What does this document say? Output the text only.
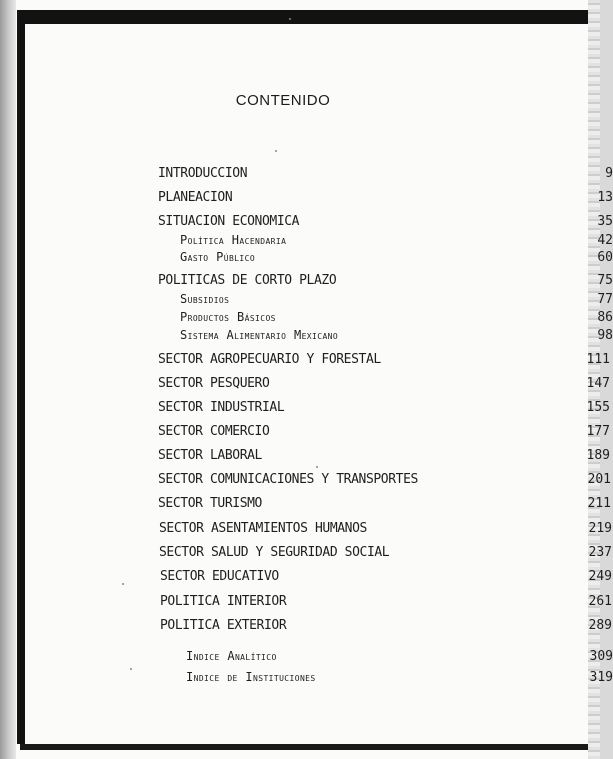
CONTENIDO
INTRODUCCION	9
PLANEACION	13
SITUACION ECONOMICA	35
Política Hacendaria	42
Gasto Público	60
POLITICAS DE CORTO PLAZO	75
Subsidios	77
Productos Básicos	86
Sistema Alimentario Mexicano	98
SECTOR AGROPECUARIO Y FORESTAL	111
SECTOR PESQUERO	147
SECTOR INDUSTRIAL	155
SECTOR COMERCIO	177
SECTOR LABORAL	189
SECTOR COMUNICACIONES Y TRANSPORTES	201
SECTOR TURISMO	211
SECTOR ASENTAMIENTOS HUMANOS	219
SECTOR SALUD Y SEGURIDAD SOCIAL	237
SECTOR EDUCATIVO	249
POLITICA INTERIOR	261
POLITICA EXTERIOR	289
Indice Analítico	309
Indice de Instituciones	319
